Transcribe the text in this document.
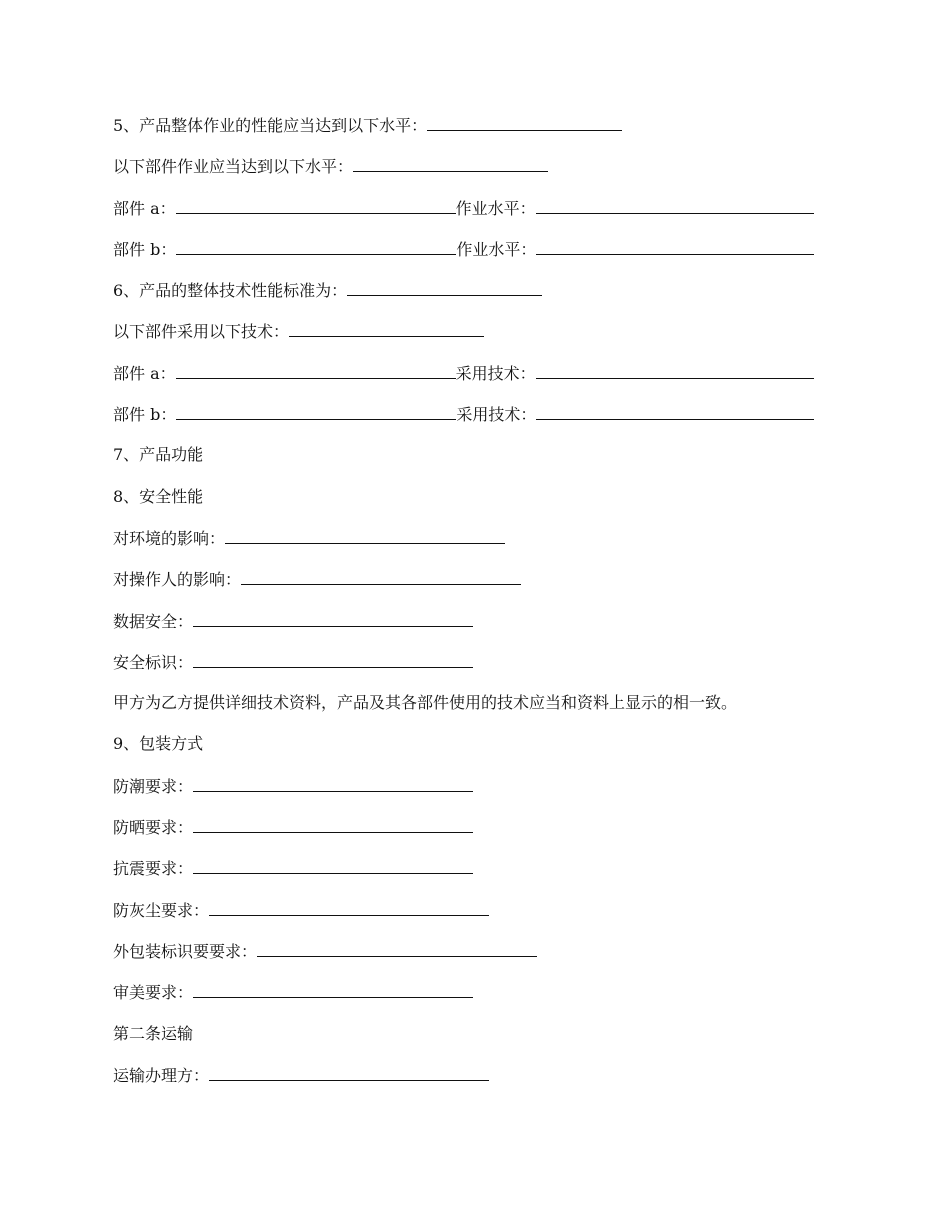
5、产品整体作业的性能应当达到以下水平：
以下部件作业应当达到以下水平：
部件 a：	作业水平：
部件 b：	作业水平：
6、产品的整体技术性能标准为：
以下部件采用以下技术：
部件 a：	采用技术：
部件 b：	采用技术：
7、产品功能
8、安全性能
对环境的影响：
对操作人的影响：
数据安全：
安全标识：
甲方为乙方提供详细技术资料，产品及其各部件使用的技术应当和资料上显示的相一致。
9、包装方式
防潮要求：
防晒要求：
抗震要求：
防灰尘要求：
外包装标识要要求：
审美要求：
第二条运输
运输办理方：
